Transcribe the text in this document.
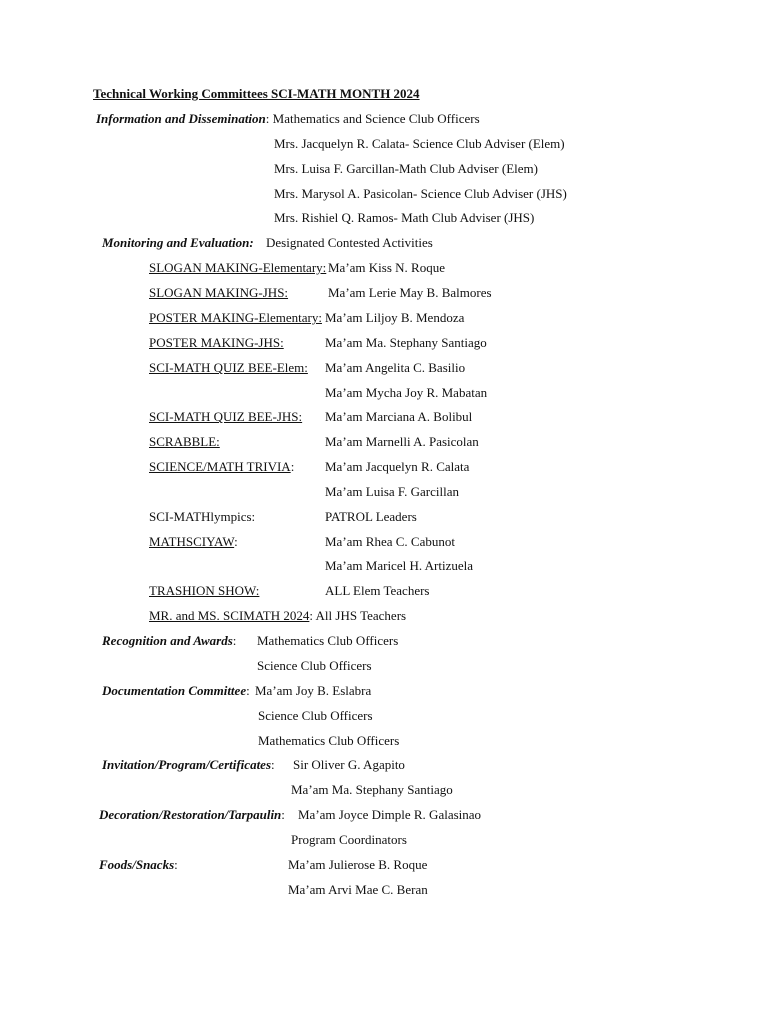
Technical Working Committees SCI-MATH MONTH 2024
Information and Dissemination: Mathematics and Science Club Officers
Mrs. Jacquelyn R. Calata- Science Club Adviser (Elem)
Mrs. Luisa F. Garcillan-Math Club Adviser (Elem)
Mrs. Marysol A. Pasicolan- Science Club Adviser (JHS)
Mrs. Rishiel Q. Ramos- Math Club Adviser (JHS)
Monitoring and Evaluation: Designated Contested Activities
SLOGAN MAKING-Elementary: Ma’am Kiss N. Roque
SLOGAN MAKING-JHS:	Ma’am Lerie May B. Balmores
POSTER MAKING-Elementary: Ma’am Liljoy B. Mendoza
POSTER MAKING-JHS:	Ma’am Ma. Stephany Santiago
SCI-MATH QUIZ BEE-Elem: Ma’am Angelita C. Basilio
Ma’am Mycha Joy R. Mabatan
SCI-MATH QUIZ BEE-JHS: Ma’am Marciana A. Bolibul
SCRABBLE:	Ma’am Marnelli A. Pasicolan
SCIENCE/MATH TRIVIA: Ma’am Jacquelyn R. Calata
Ma’am Luisa F. Garcillan
SCI-MATHlympics:	PATROL Leaders
MATHSCIYAW:	Ma’am Rhea C. Cabunot
Ma’am Maricel H. Artizuela
TRASHION SHOW:	ALL Elem Teachers
MR. and MS. SCIMATH 2024: All JHS Teachers
Recognition and Awards: Mathematics Club Officers
Science Club Officers
Documentation Committee: Ma’am Joy B. Eslabra
Science Club Officers
Mathematics Club Officers
Invitation/Program/Certificates: Sir Oliver G. Agapito
Ma’am Ma. Stephany Santiago
Decoration/Restoration/Tarpaulin: Ma’am Joyce Dimple R. Galasinao
Program Coordinators
Foods/Snacks:	Ma’am Julierose B. Roque
Ma’am Arvi Mae C. Beran
